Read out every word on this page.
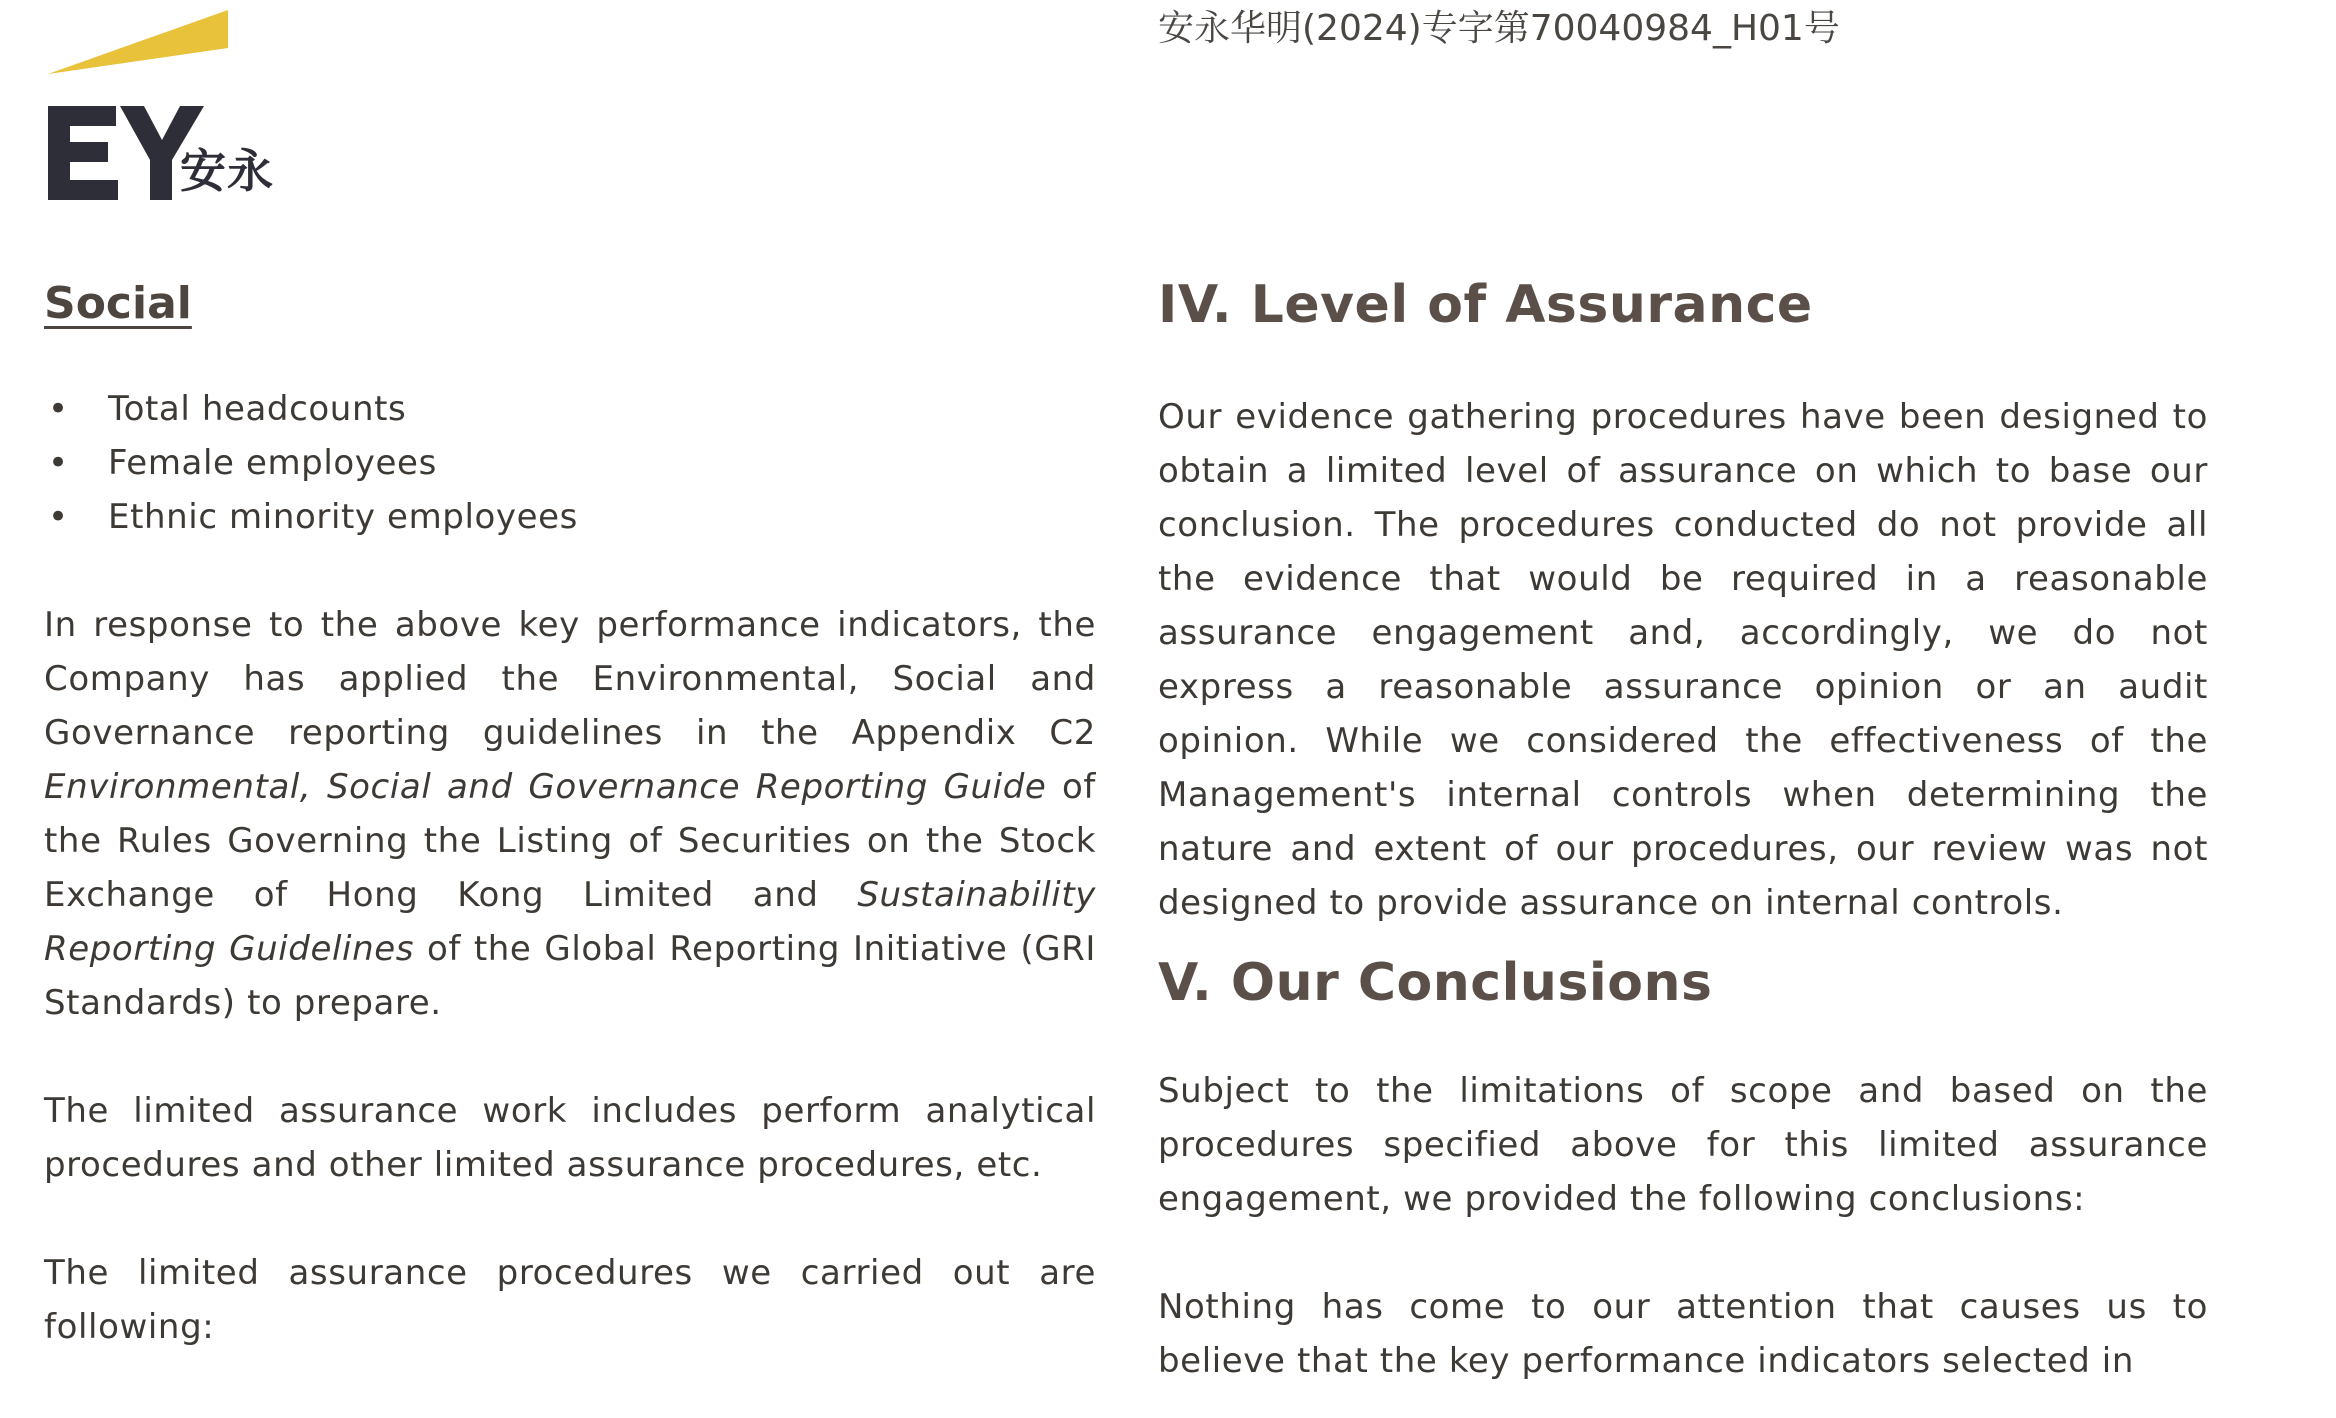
安永
安永华明(2024)专字第70040984_H01号
Social
• Total headcounts
• Female employees
• Ethnic minority employees

In response to the above key performance indicators, the Company has applied the Environmental, Social and Governance reporting guidelines in the Appendix C2 Environmental, Social and Governance Reporting Guide of the Rules Governing the Listing of Securities on the Stock Exchange of Hong Kong Limited and Sustainability Reporting Guidelines of the Global Reporting Initiative (GRI Standards) to prepare.

The limited assurance work includes perform analytical procedures and other limited assurance procedures, etc.

The limited assurance procedures we carried out are following:

IV. Level of Assurance

Our evidence gathering procedures have been designed to obtain a limited level of assurance on which to base our conclusion. The procedures conducted do not provide all the evidence that would be required in a reasonable assurance engagement and, accordingly, we do not express a reasonable assurance opinion or an audit opinion. While we considered the effectiveness of the Management's internal controls when determining the nature and extent of our procedures, our review was not designed to provide assurance on internal controls.

V. Our Conclusions

Subject to the limitations of scope and based on the procedures specified above for this limited assurance engagement, we provided the following conclusions:

Nothing has come to our attention that causes us to believe that the key performance indicators selected in
